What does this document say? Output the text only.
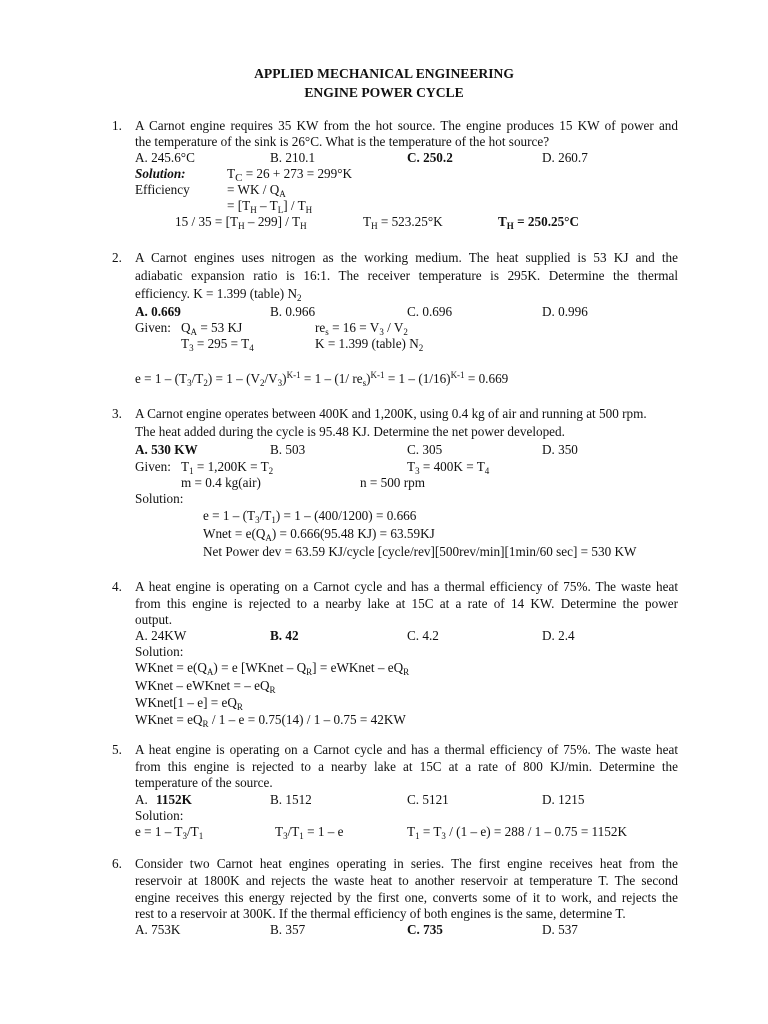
APPLIED MECHANICAL ENGINEERING
ENGINE POWER CYCLE
1. A Carnot engine requires 35 KW from the hot source. The engine produces 15 KW of power and
the temperature of the sink is 26°C. What is the temperature of the hot source?
A. 245.6°C	B. 210.1	C. 250.2	D. 260.7
Solution:	$T_C = 26 + 273 = 299^\circ K$
Efficiency	= WK / $Q_A$
= $[T_H - T_L] / T_H$
$15 / 35 = [T_H - 299] / T_H$	$T_H = 523.25^\circ K$	$T_H = 250.25^\circ C$
2. A Carnot engines uses nitrogen as the working medium. The heat supplied is 53 KJ and the
adiabatic expansion ratio is 16:1. The receiver temperature is 295K. Determine the thermal
efficiency. K = 1.399 (table) $N_2$
A. 0.669	B. 0.966	C. 0.696	D. 0.996
Given: $Q_A = 53$ KJ	$re_s = 16 = V_3 / V_2$
$T_3 = 295 = T_4$	K = 1.399 (table) $N_2$
$e = 1 - (T_3/T_2) = 1 - (V_2/V_3)^{K-1} = 1 - (1/$ $re_s)^{K-1} = 1 - (1/16)^{K-1} = 0.669$
3. A Carnot engine operates between 400K and 1,200K, using 0.4 kg of air and running at 500 rpm.
The heat added during the cycle is 95.48 KJ. Determine the net power developed.
A. 530 KW	B. 503	C. 305	D. 350
Given: $T_1 = 1,200K = T_2$	$T_3 = 400K = T_4$
m = 0.4 kg(air)	n = 500 rpm
Solution:
$e = 1 - (T_3/T_1) = 1 - (400/1200) = 0.666$
Wnet = $e(Q_A) = 0.666(95.48$ KJ) = 63.59KJ
Net Power dev = 63.59 KJ/cycle [cycle/rev][500rev/min][1min/60 sec] = 530 KW
4. A heat engine is operating on a Carnot cycle and has a thermal efficiency of 75%. The waste heat
from this engine is rejected to a nearby lake at 15C at a rate of 14 KW. Determine the power
output.
A. 24KW	B. 42	C. 4.2	D. 2.4
Solution:
WKnet = $e(Q_A) = e$ [WKnet – $Q_R$] = eWKnet – $eQ_R$
WKnet – eWKnet = – $eQ_R$
WKnet[1 – $e] = eQ_R$
WKnet = $eQ_R / 1 - e = 0.75(14) / 1 - 0.75 = 42KW$
5. A heat engine is operating on a Carnot cycle and has a thermal efficiency of 75%. The waste heat
from this engine is rejected to a nearby lake at 15C at a rate of 800 KJ/min. Determine the
temperature of the source.
A. 1152K	B. 1512	C. 5121	D. 1215
Solution:
$e = 1 - T_3/T_1$	$T_3/T_1 = 1 - e$	$T_1 = T_3 / (1 - e) = 288 / 1 - 0.75 = 1152K$
6. Consider two Carnot heat engines operating in series. The first engine receives heat from the
reservoir at 1800K and rejects the waste heat to another reservoir at temperature T. The second
engine receives this energy rejected by the first one, converts some of it to work, and rejects the
rest to a reservoir at 300K. If the thermal efficiency of both engines is the same, determine T.
A. 753K	B. 357	C. 735	D. 537
